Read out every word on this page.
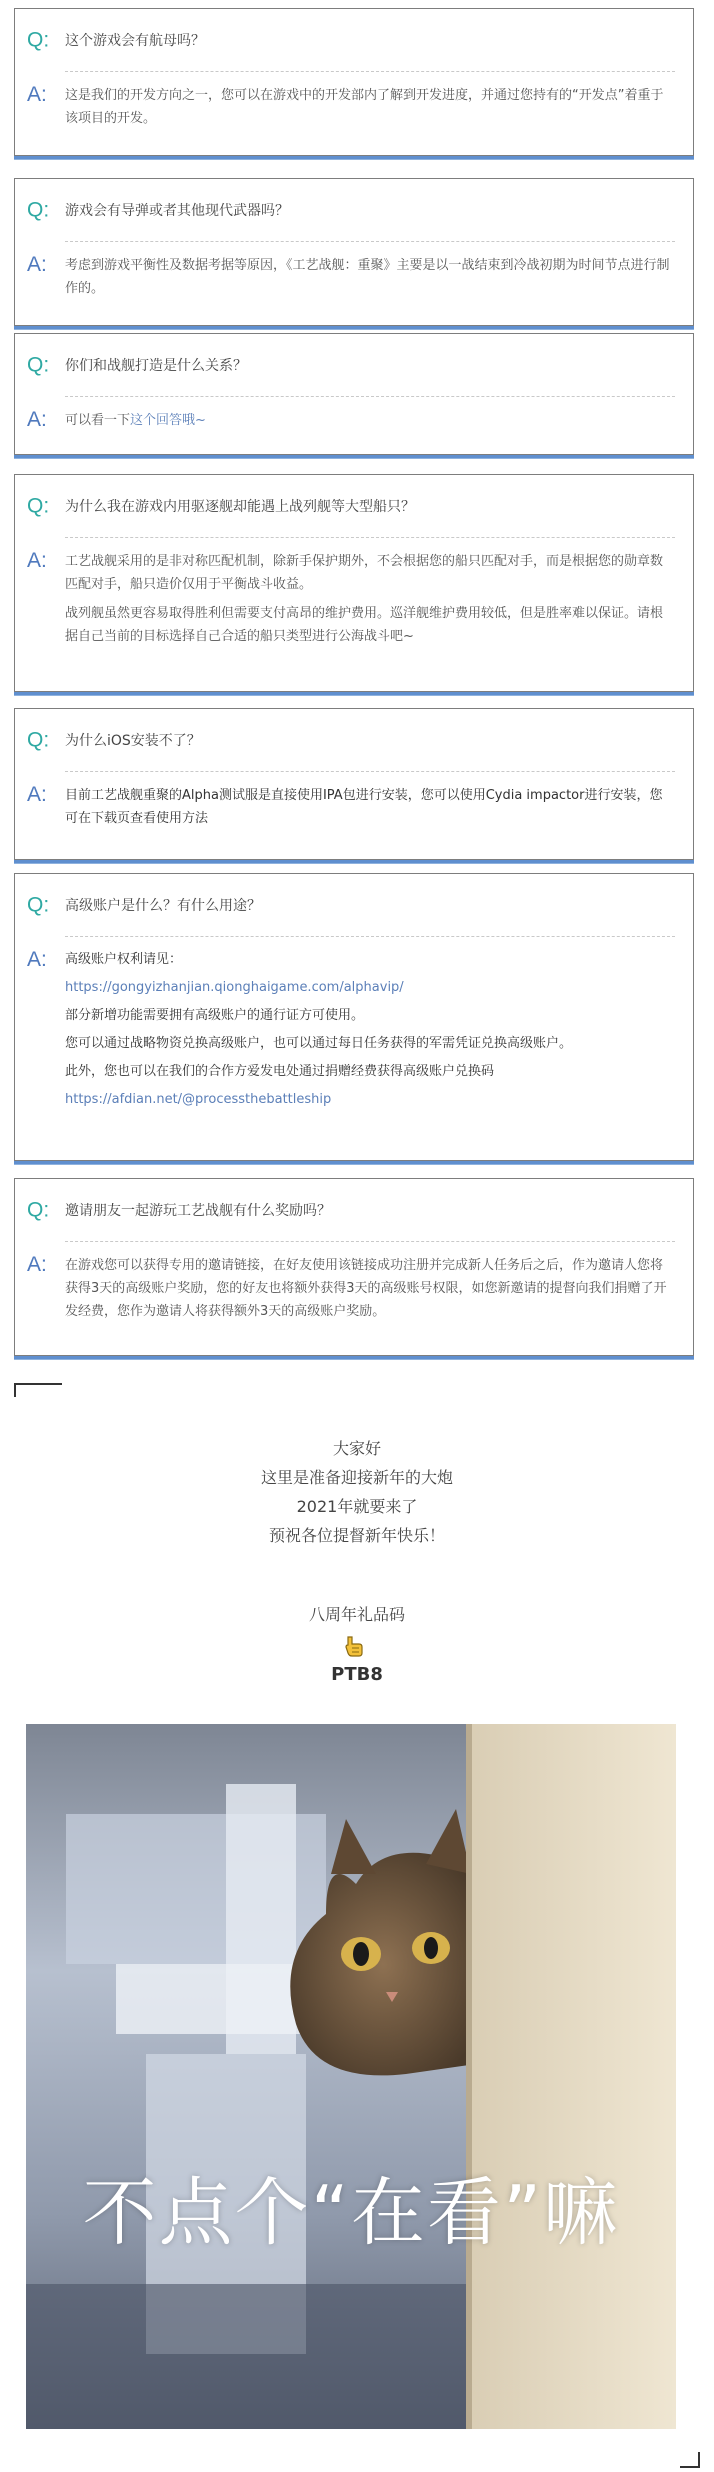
Q: 这个游戏会有航母吗？
A: 这是我们的开发方向之一，您可以在游戏中的开发部内了解到开发进度，并通过您持有的“开发点”着重于该项目的开发。

Q: 游戏会有导弹或者其他现代武器吗？
A: 考虑到游戏平衡性及数据考据等原因，《工艺战舰：重聚》主要是以一战结束到冷战初期为时间节点进行制作的。

Q: 你们和战舰打造是什么关系？
A: 可以看一下这个回答哦~

Q: 为什么我在游戏内用驱逐舰却能遇上战列舰等大型船只？
A: 工艺战舰采用的是非对称匹配机制，除新手保护期外，不会根据您的船只匹配对手，而是根据您的勋章数匹配对手，船只造价仅用于平衡战斗收益。

战列舰虽然更容易取得胜利但需要支付高昂的维护费用。巡洋舰维护费用较低，但是胜率难以保证。请根据自己当前的目标选择自己合适的船只类型进行公海战斗吧~

Q: 为什么iOS安装不了？
A: 目前工艺战舰重聚的Alpha测试服是直接使用IPA包进行安装，您可以使用Cydia impactor进行安装，您可在下载页查看使用方法

Q: 高级账户是什么？有什么用途？
A: 高级账户权利请见：

https://gongyizhanjian.qionghaigame.com/alphavip/

部分新增功能需要拥有高级账户的通行证方可使用。

您可以通过战略物资兑换高级账户，也可以通过每日任务获得的军需凭证兑换高级账户。

此外，您也可以在我们的合作方爱发电处通过捐赠经费获得高级账户兑换码

https://afdian.net/@processthebattleship

Q: 邀请朋友一起游玩工艺战舰有什么奖励吗？
A: 在游戏您可以获得专用的邀请链接，在好友使用该链接成功注册并完成新人任务后之后，作为邀请人您将获得3天的高级账户奖励，您的好友也将额外获得3天的高级账号权限，如您新邀请的提督向我们捐赠了开发经费，您作为邀请人将获得额外3天的高级账户奖励。

大家好
这里是准备迎接新年的大炮
2021年就要来了
预祝各位提督新年快乐！
八周年礼品码
PTB8
不点个“在看”嘛
